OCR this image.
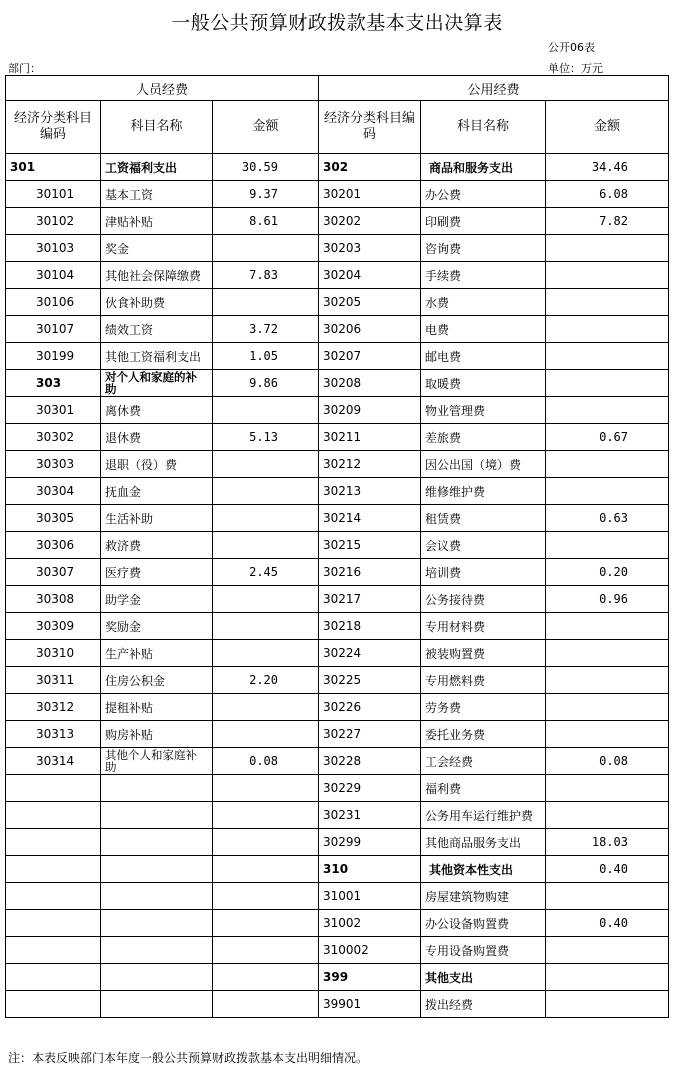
一般公共预算财政拨款基本支出决算表
公开06表
部门：	单位：万元
人员经费			公用经费		
经济分类科目编码	科目名称	金额	经济分类科目编码	科目名称	金额
301	工资福利支出	30.59	302	商品和服务支出	34.46
30101	基本工资	9.37	30201	办公费	6.08
30102	津贴补贴	8.61	30202	印刷费	7.82
30103	奖金		30203	咨询费	
30104	其他社会保障缴费	7.83	30204	手续费	
30106	伙食补助费		30205	水费	
30107	绩效工资	3.72	30206	电费	
30199	其他工资福利支出	1.05	30207	邮电费	
303	对个人和家庭的补助	9.86	30208	取暖费	
30301	离休费		30209	物业管理费	
30302	退休费	5.13	30211	差旅费	0.67
30303	退职（役）费		30212	因公出国（境）费	
30304	抚血金		30213	维修维护费	
30305	生活补助		30214	租赁费	0.63
30306	救济费		30215	会议费	
30307	医疗费	2.45	30216	培训费	0.20
30308	助学金		30217	公务接待费	0.96
30309	奖励金		30218	专用材料费	
30310	生产补贴		30224	被装购置费	
30311	住房公积金	2.20	30225	专用燃料费	
30312	提租补贴		30226	劳务费	
30313	购房补贴		30227	委托业务费	
30314	其他个人和家庭补助	0.08	30228	工会经费	0.08
			30229	福利费	
			30231	公务用车运行维护费	
			30299	其他商品服务支出	18.03
			310	其他资本性支出	0.40
			31001	房屋建筑物购建	
			31002	办公设备购置费	0.40
			310002	专用设备购置费	
			399	其他支出	
			39901	拨出经费	
注：本表反映部门本年度一般公共预算财政拨款基本支出明细情况。
